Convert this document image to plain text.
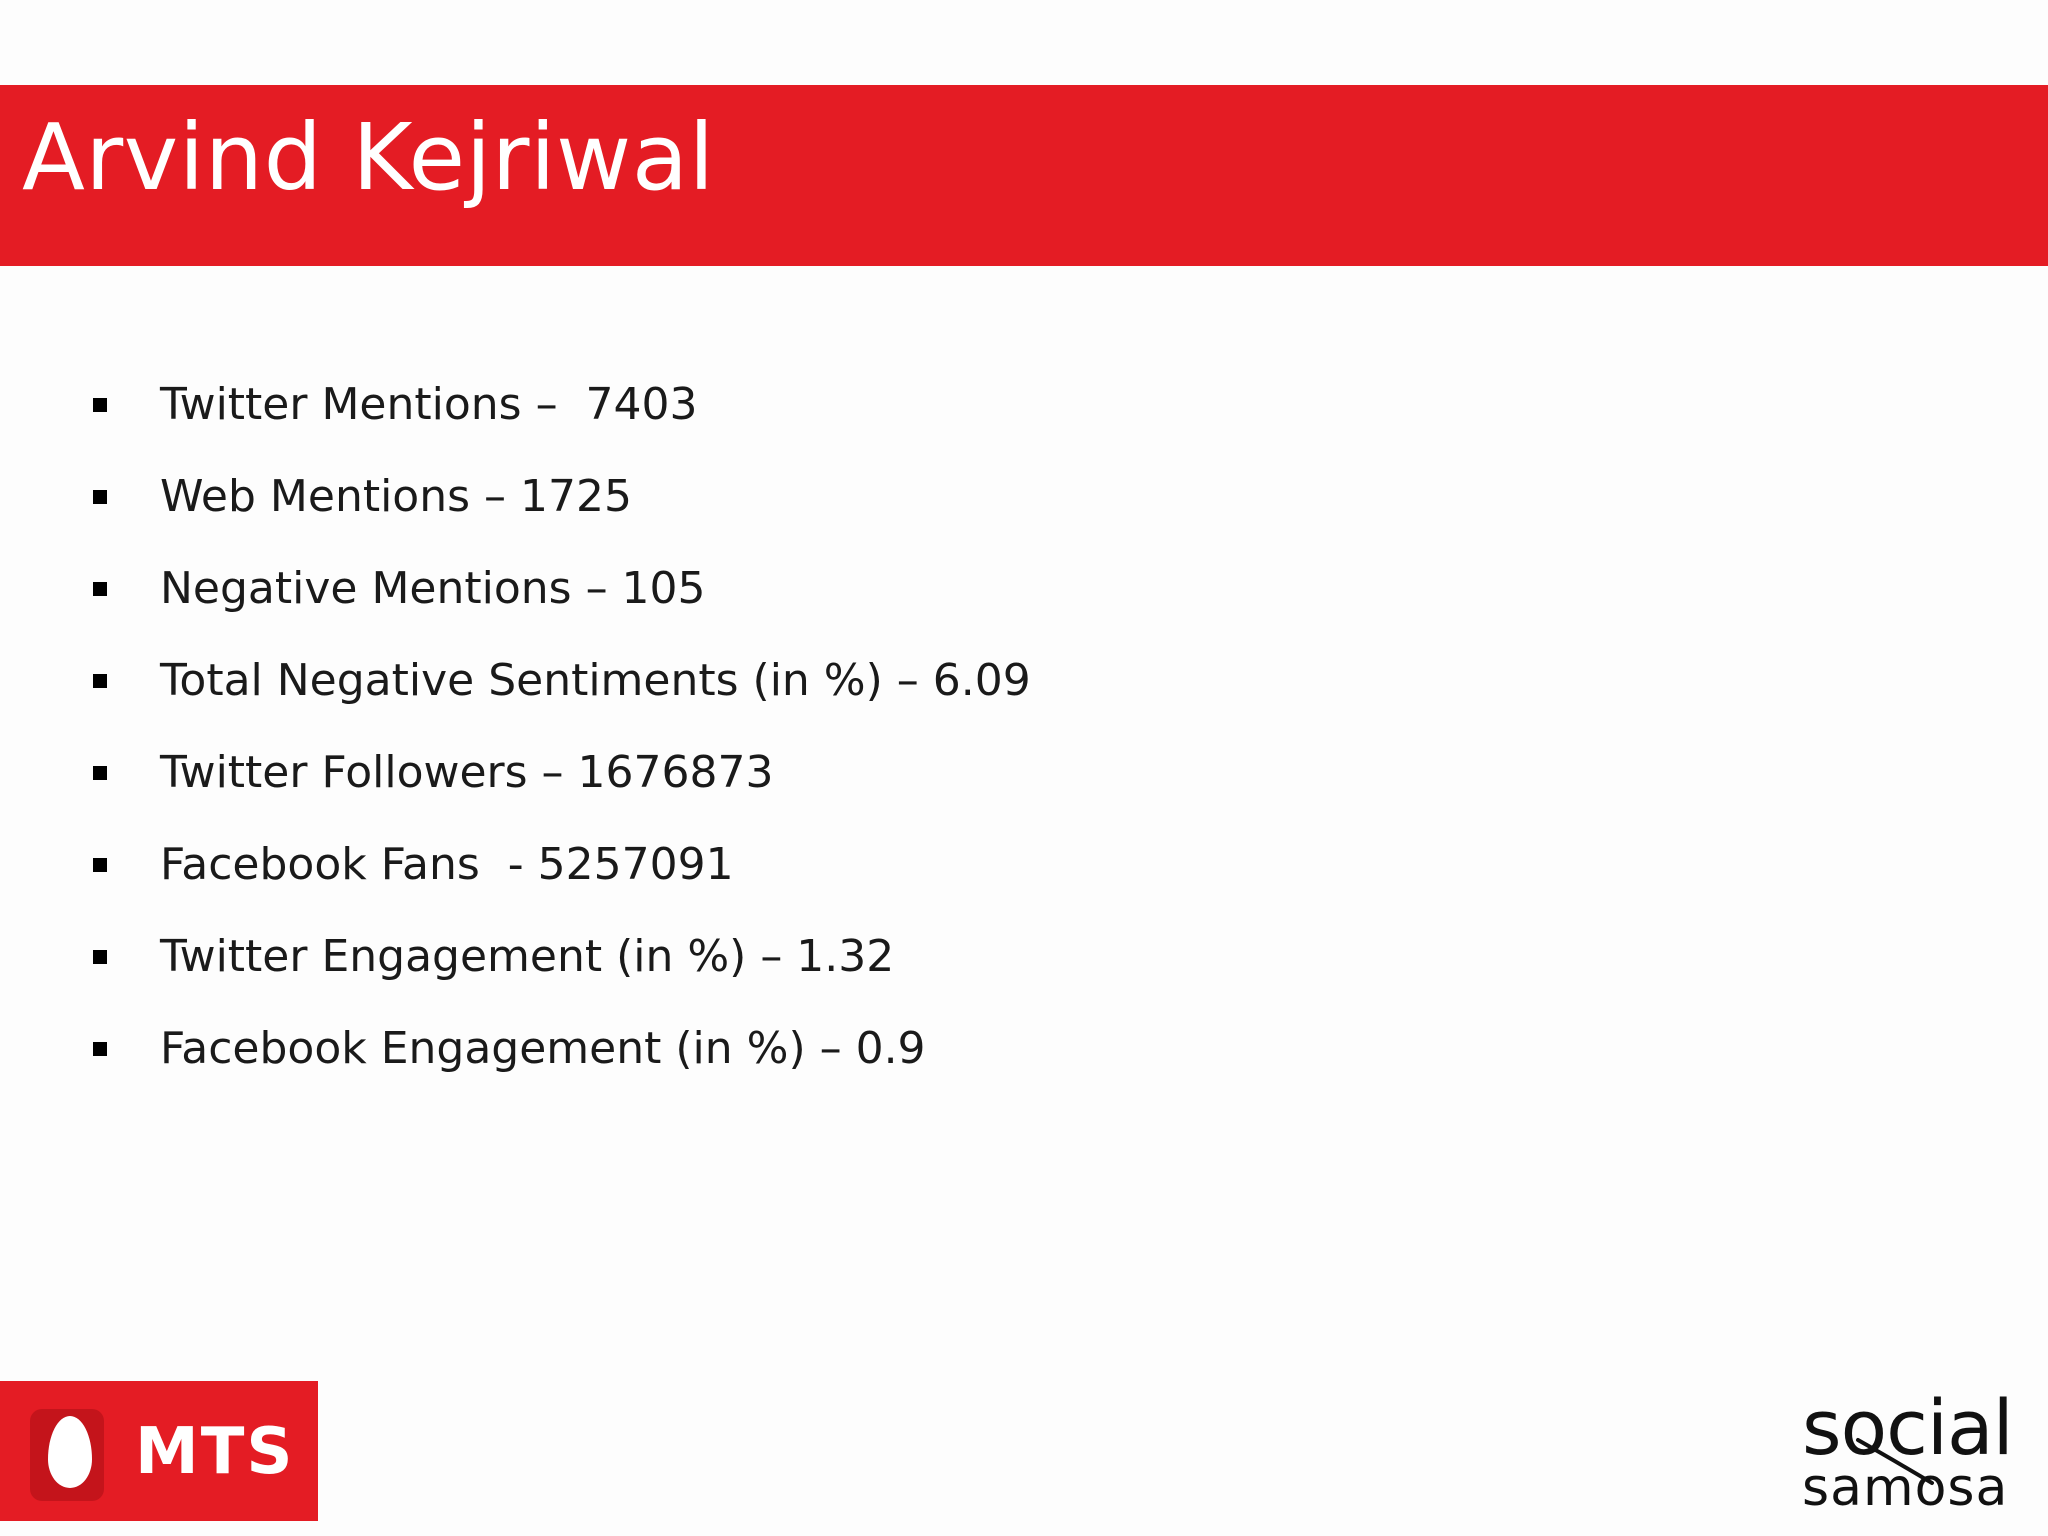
Arvind Kejriwal
Twitter Mentions –  7403
Web Mentions – 1725
Negative Mentions – 105
Total Negative Sentiments (in %) – 6.09
Twitter Followers – 1676873
Facebook Fans  - 5257091
Twitter Engagement (in %) – 1.32
Facebook Engagement (in %) – 0.9
MTS	social
samosa
